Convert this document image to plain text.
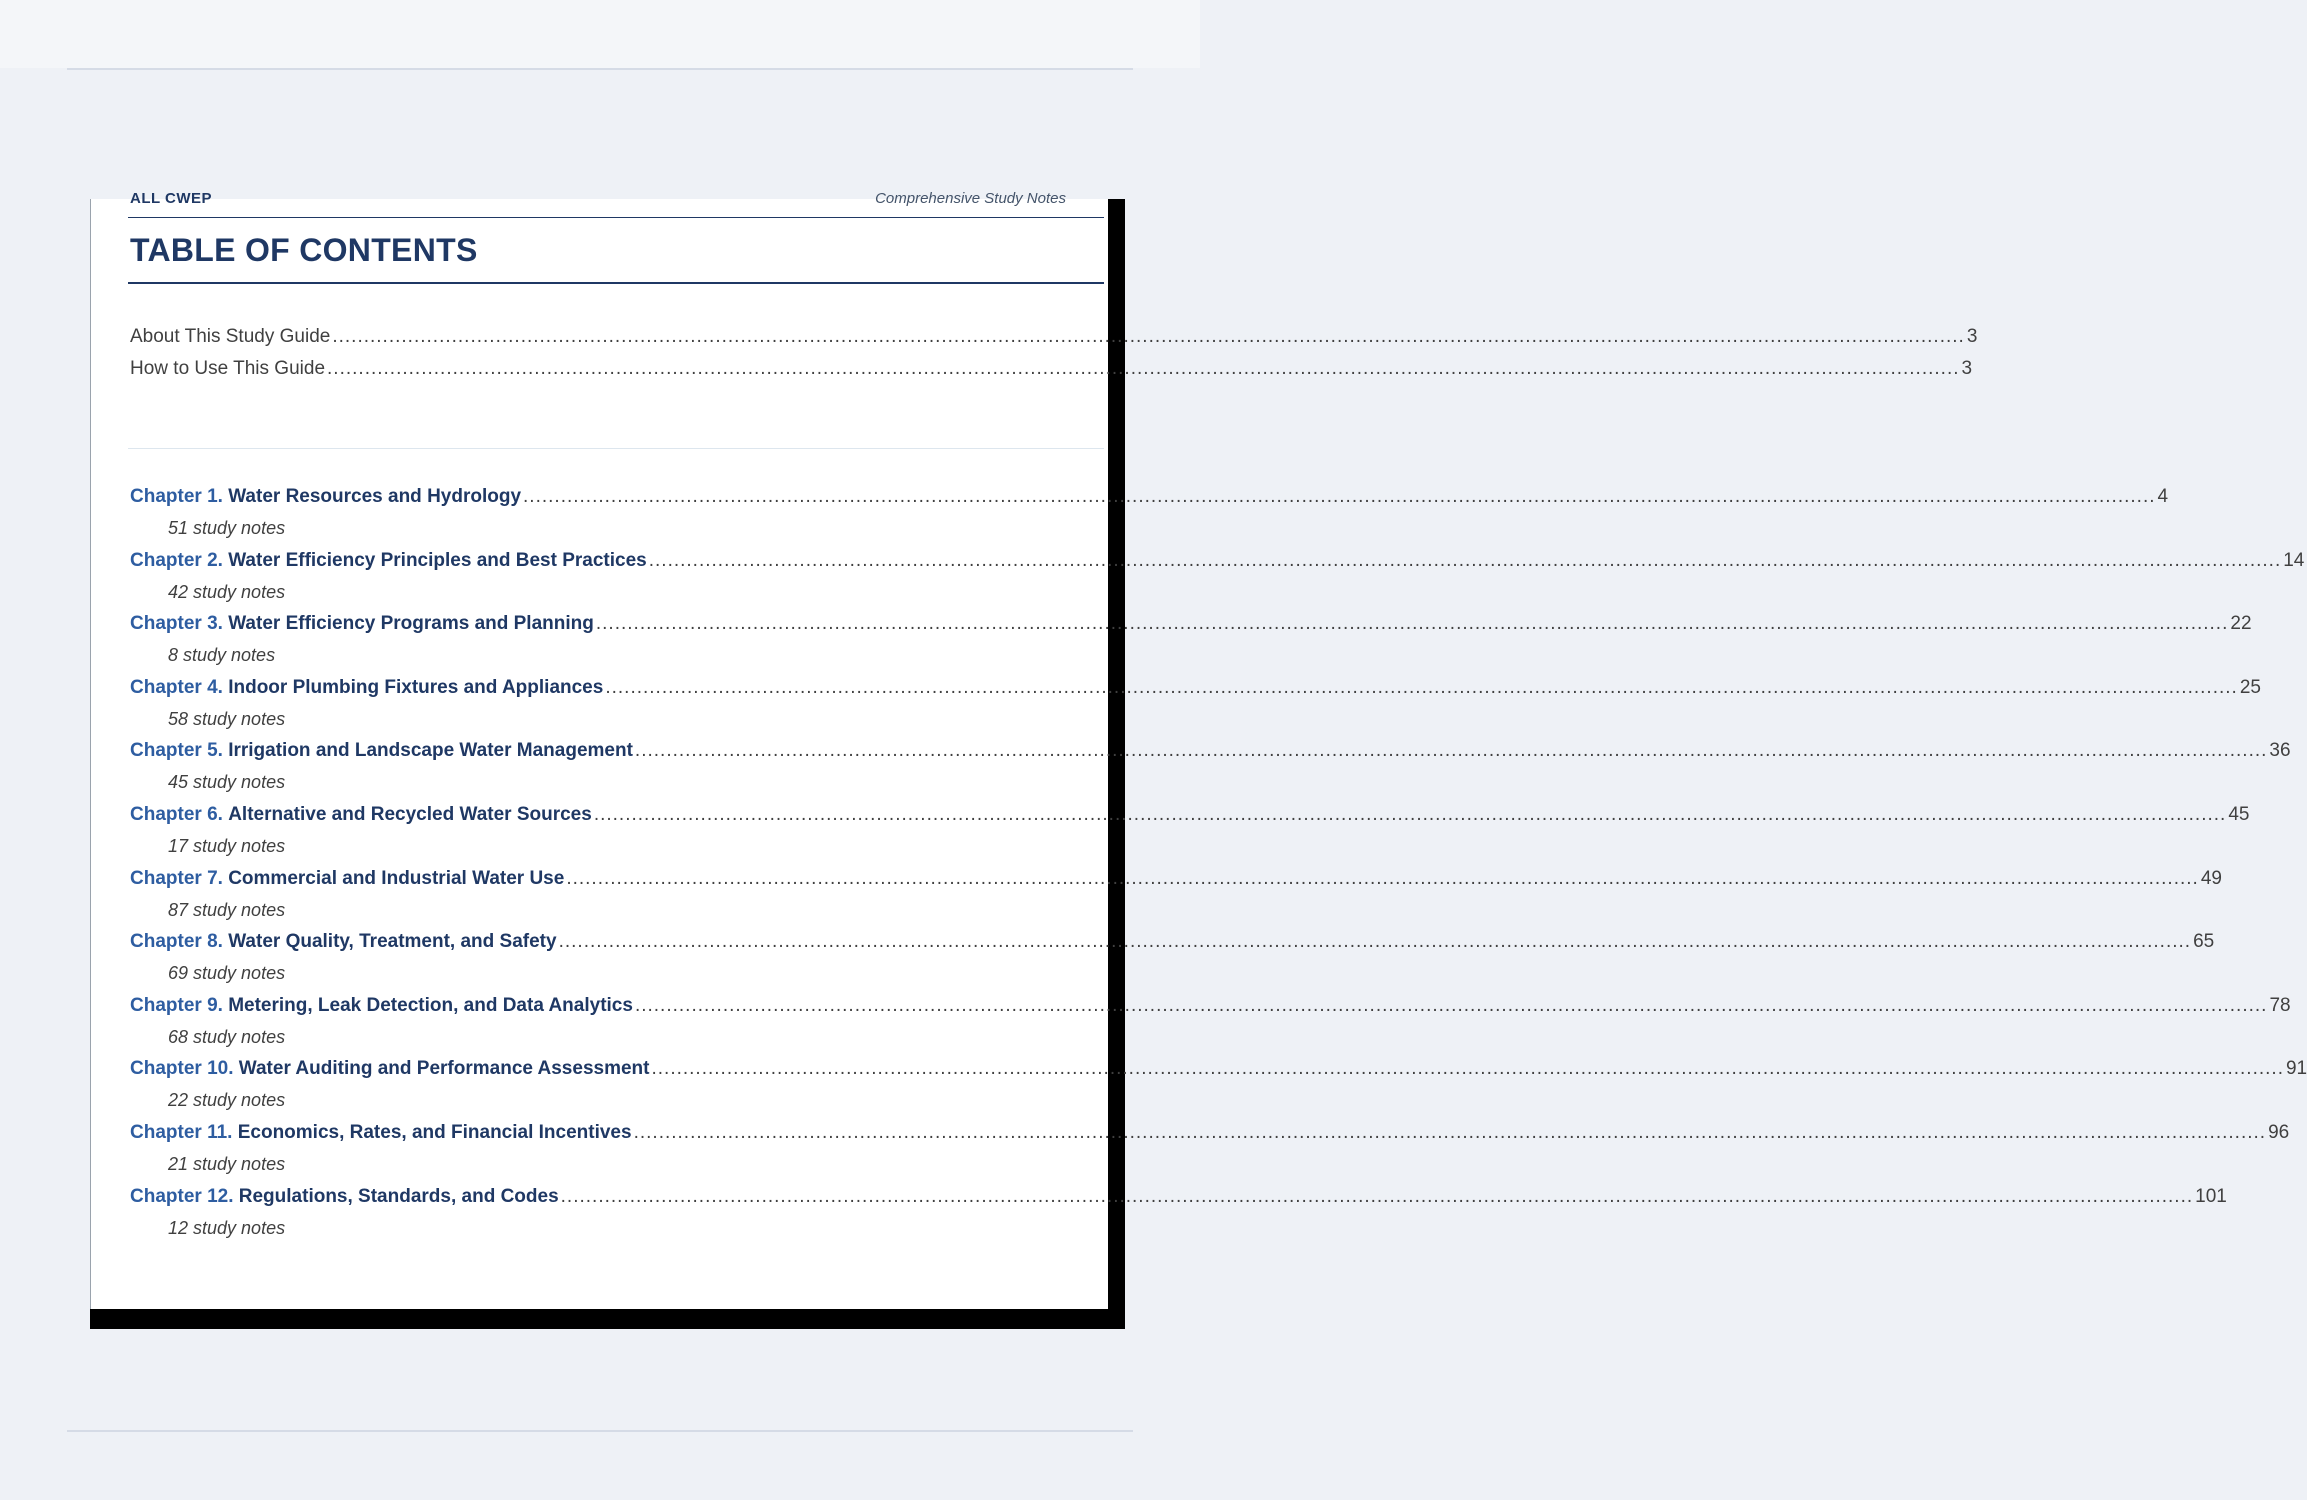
ALL CWEP	Comprehensive Study Notes
TABLE OF CONTENTS
About This Study Guide .................................................................................................................................................................................................................................................................... 3
How to Use This Guide .................................................................................................................................................................................................................................................................... 3
Chapter 1. Water Resources and Hydrology .................................................................................................................................................................................................................................................................... 4
51 study notes
Chapter 2. Water Efficiency Principles and Best Practices .................................................................................................................................................................................................................................................................... 14
42 study notes
Chapter 3. Water Efficiency Programs and Planning .................................................................................................................................................................................................................................................................... 22
8 study notes
Chapter 4. Indoor Plumbing Fixtures and Appliances .................................................................................................................................................................................................................................................................... 25
58 study notes
Chapter 5. Irrigation and Landscape Water Management .................................................................................................................................................................................................................................................................... 36
45 study notes
Chapter 6. Alternative and Recycled Water Sources .................................................................................................................................................................................................................................................................... 45
17 study notes
Chapter 7. Commercial and Industrial Water Use .................................................................................................................................................................................................................................................................... 49
87 study notes
Chapter 8. Water Quality, Treatment, and Safety .................................................................................................................................................................................................................................................................... 65
69 study notes
Chapter 9. Metering, Leak Detection, and Data Analytics .................................................................................................................................................................................................................................................................... 78
68 study notes
Chapter 10. Water Auditing and Performance Assessment .................................................................................................................................................................................................................................................................... 91
22 study notes
Chapter 11. Economics, Rates, and Financial Incentives .................................................................................................................................................................................................................................................................... 96
21 study notes
Chapter 12. Regulations, Standards, and Codes .................................................................................................................................................................................................................................................................... 101
12 study notes
